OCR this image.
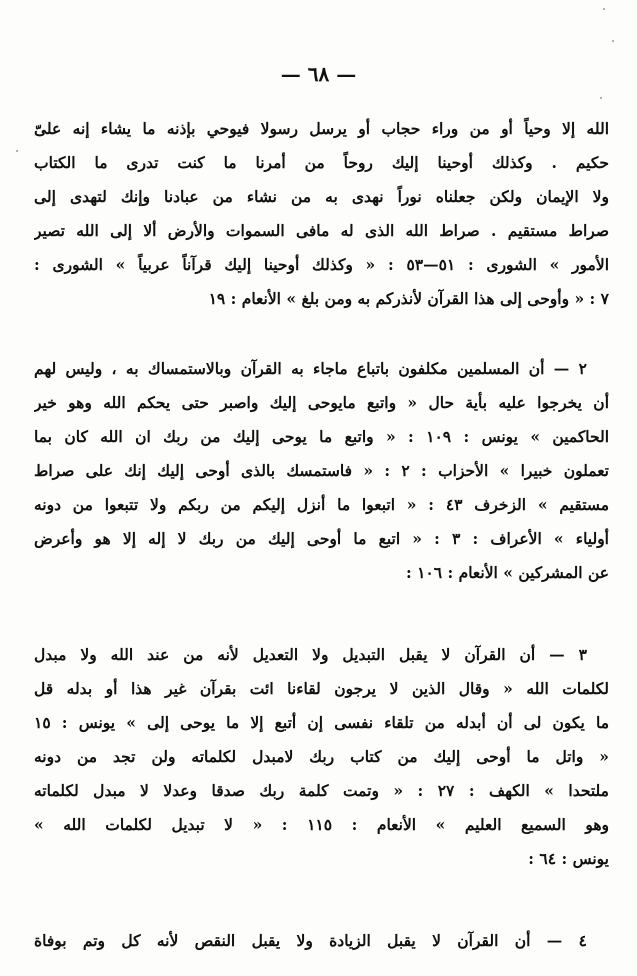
— ٦٨ —
الله إلا وحياً أو من وراء حجاب أو يرسل رسولا فيوحي بإذنه ما يشاء إنه علىّ
حكيم . وكذلك أوحينا إليك روحاً من أمرنا ما كنت تدرى ما الكتاب
ولا الإيمان ولكن جعلناه نوراً نهدى به من نشاء من عبادنا وإنك لتهدى إلى
صراط مستقيم . صراط الله الذى له مافى السموات والأرض ألا إلى الله تصير
الأمور » الشورى : ٥١—٥٣ : « وكذلك أوحينا إليك قرآناً عربياً » الشورى :
٧ : « وأوحى إلى هذا القرآن لأنذركم به ومن بلغ » الأنعام : ١٩
٢ — أن المسلمين مكلفون باتباع ماجاء به القرآن وبالاستمساك به ، وليس لهم
أن يخرجوا عليه بأية حال « واتبع مايوحى إليك واصبر حتى يحكم الله وهو خير
الحاكمين » يونس : ١٠٩ : « واتبع ما يوحى إليك من ربك ان الله كان بما
تعملون خبيرا » الأحزاب : ٢ : « فاستمسك بالذى أوحى إليك إنك على صراط
مستقيم » الزخرف ٤٣ : « اتبعوا ما أنزل إليكم من ربكم ولا تتبعوا من دونه
أولياء » الأعراف : ٣ : « اتبع ما أوحى إليك من ربك لا إله إلا هو وأعرض
عن المشركين » الأنعام : ١٠٦ :
٣ — أن القرآن لا يقبل التبديل ولا التعديل لأنه من عند الله ولا مبدل
لكلمات الله « وقال الذين لا يرجون لقاءنا ائت بقرآن غير هذا أو بدله قل
ما يكون لى أن أبدله من تلقاء نفسى إن أتبع إلا ما يوحى إلى » يونس : ١٥
« واتل ما أوحى إليك من كتاب ربك لامبدل لكلماته ولن تجد من دونه
ملتحدا » الكهف : ٢٧ : « وتمت كلمة ربك صدقا وعدلا لا مبدل لكلماته
وهو السميع العليم » الأنعام : ١١٥ : « لا تبديل لكلمات الله »
يونس : ٦٤ :
٤ — أن القرآن لا يقبل الزيادة ولا يقبل النقص لأنه كل وتم بوفاة
